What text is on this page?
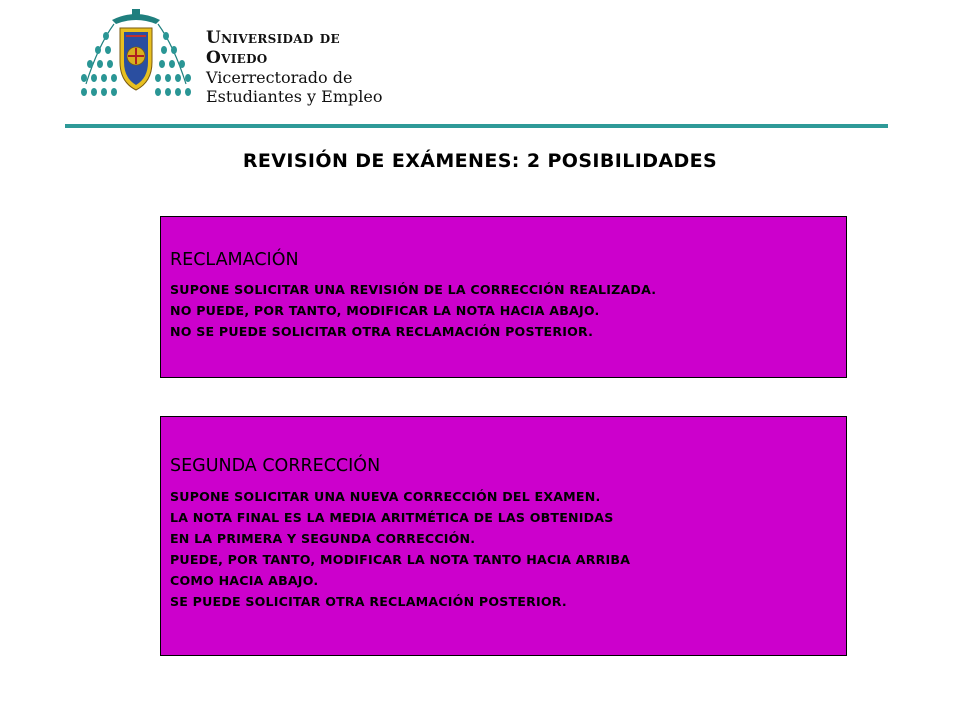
Universidad de Oviedo
Vicerrectorado de
Estudiantes y Empleo
REVISIÓN DE EXÁMENES: 2 POSIBILIDADES
RECLAMACIÓN
SUPONE SOLICITAR UNA REVISIÓN DE LA CORRECCIÓN REALIZADA.
NO PUEDE, POR TANTO, MODIFICAR LA NOTA HACIA ABAJO.
NO SE PUEDE SOLICITAR OTRA RECLAMACIÓN POSTERIOR.
SEGUNDA CORRECCIÓN
SUPONE SOLICITAR UNA NUEVA CORRECCIÓN DEL EXAMEN.
LA NOTA FINAL ES LA MEDIA ARITMÉTICA DE LAS OBTENIDAS
EN LA PRIMERA Y SEGUNDA CORRECCIÓN.
PUEDE, POR TANTO, MODIFICAR LA NOTA TANTO HACIA ARRIBA
COMO HACIA ABAJO.
SE PUEDE SOLICITAR OTRA RECLAMACIÓN POSTERIOR.
